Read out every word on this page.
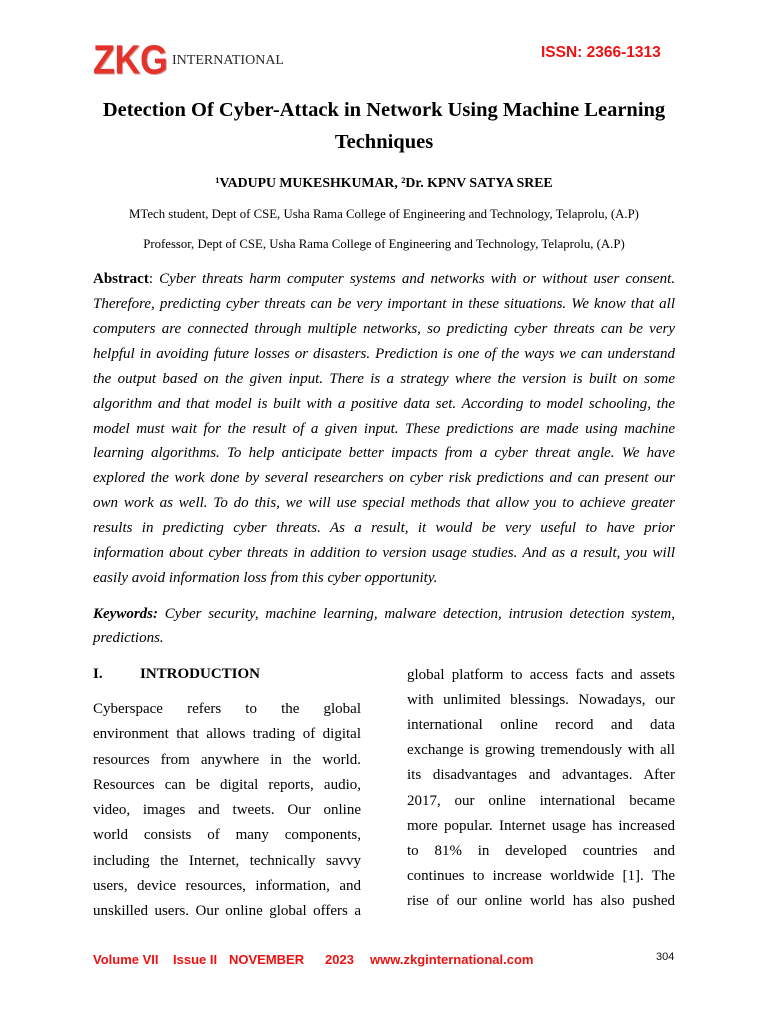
ZKG INTERNATIONAL	ISSN: 2366-1313
Detection Of Cyber-Attack in Network Using Machine Learning
Techniques
¹VADUPU MUKESHKUMAR, ²Dr. KPNV SATYA SREE
MTech student, Dept of CSE, Usha Rama College of Engineering and Technology, Telaprolu, (A.P)
Professor, Dept of CSE, Usha Rama College of Engineering and Technology, Telaprolu, (A.P)
Abstract: Cyber threats harm computer systems and networks with or without user consent.
Therefore, predicting cyber threats can be very important in these situations. We know that all
computers are connected through multiple networks, so predicting cyber threats can be very
helpful in avoiding future losses or disasters. Prediction is one of the ways we can understand
the output based on the given input. There is a strategy where the version is built on some
algorithm and that model is built with a positive data set. According to model schooling, the
model must wait for the result of a given input. These predictions are made using machine
learning algorithms. To help anticipate better impacts from a cyber threat angle. We have
explored the work done by several researchers on cyber risk predictions and can present our
own work as well. To do this, we will use special methods that allow you to achieve greater
results in predicting cyber threats. As a result, it would be very useful to have prior
information about cyber threats in addition to version usage studies. And as a result, you will
easily avoid information loss from this cyber opportunity.
Keywords: Cyber security, machine learning, malware detection, intrusion detection system,
predictions.
I. INTRODUCTION
Cyberspace refers to the global
environment that allows trading of digital
resources from anywhere in the world.
Resources can be digital reports, audio,
video, images and tweets. Our online
world consists of many components,
including the Internet, technically savvy
users, device resources, information, and
unskilled users. Our online global offers a
global platform to access facts and assets
with unlimited blessings. Nowadays, our
international online record and data
exchange is growing tremendously with all
its disadvantages and advantages. After
2017, our online international became
more popular. Internet usage has increased
to 81% in developed countries and
continues to increase worldwide [1]. The
rise of our online world has also pushed
Volume VII Issue II NOVEMBER 2023 www.zkginternational.com	304
